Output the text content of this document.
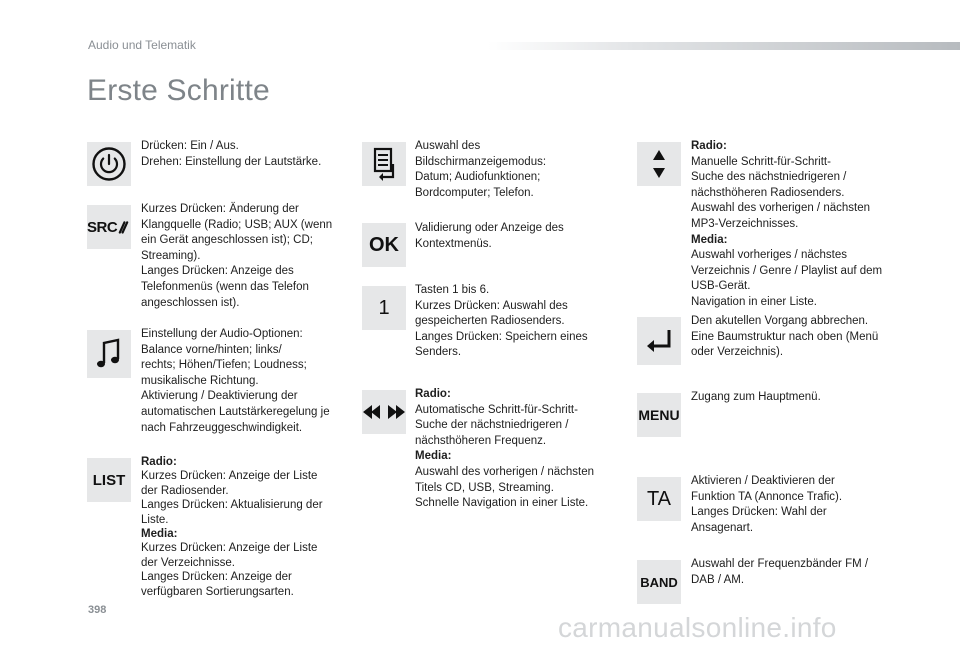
Audio und Telematik
Erste Schritte
Drücken: Ein / Aus.
Drehen: Einstellung der Lautstärke.
SRC
Kurzes Drücken: Änderung der
Klangquelle (Radio; USB; AUX (wenn
ein Gerät angeschlossen ist); CD;
Streaming).
Langes Drücken: Anzeige des
Telefonmenüs (wenn das Telefon
angeschlossen ist).
Einstellung der Audio-Optionen:
Balance vorne/hinten; links/
rechts; Höhen/Tiefen; Loudness;
musikalische Richtung.
Aktivierung / Deaktivierung der
automatischen Lautstärkeregelung je
nach Fahrzeuggeschwindigkeit.
LIST
Radio:
Kurzes Drücken: Anzeige der Liste
der Radiosender.
Langes Drücken: Aktualisierung der
Liste.
Media:
Kurzes Drücken: Anzeige der Liste
der Verzeichnisse.
Langes Drücken: Anzeige der
verfügbaren Sortierungsarten.
Auswahl des
Bildschirmanzeigemodus:
Datum; Audiofunktionen;
Bordcomputer; Telefon.
OK
Validierung oder Anzeige des
Kontextmenüs.
1
Tasten 1 bis 6.
Kurzes Drücken: Auswahl des
gespeicherten Radiosenders.
Langes Drücken: Speichern eines
Senders.
Radio:
Automatische Schritt-für-Schritt-
Suche der nächstniedrigeren /
nächsthöheren Frequenz.
Media:
Auswahl des vorherigen / nächsten
Titels CD, USB, Streaming.
Schnelle Navigation in einer Liste.
Radio:
Manuelle Schritt-für-Schritt-
Suche des nächstniedrigeren /
nächsthöheren Radiosenders.
Auswahl des vorherigen / nächsten
MP3-Verzeichnisses.
Media:
Auswahl vorheriges / nächstes
Verzeichnis / Genre / Playlist auf dem
USB-Gerät.
Navigation in einer Liste.
Den akutellen Vorgang abbrechen.
Eine Baumstruktur nach oben (Menü
oder Verzeichnis).
MENU
Zugang zum Hauptmenü.
TA
Aktivieren / Deaktivieren der
Funktion TA (Annonce Trafic).
Langes Drücken: Wahl der
Ansagenart.
BAND
Auswahl der Frequenzbänder FM /
DAB / AM.
398
carmanualsonline.info
